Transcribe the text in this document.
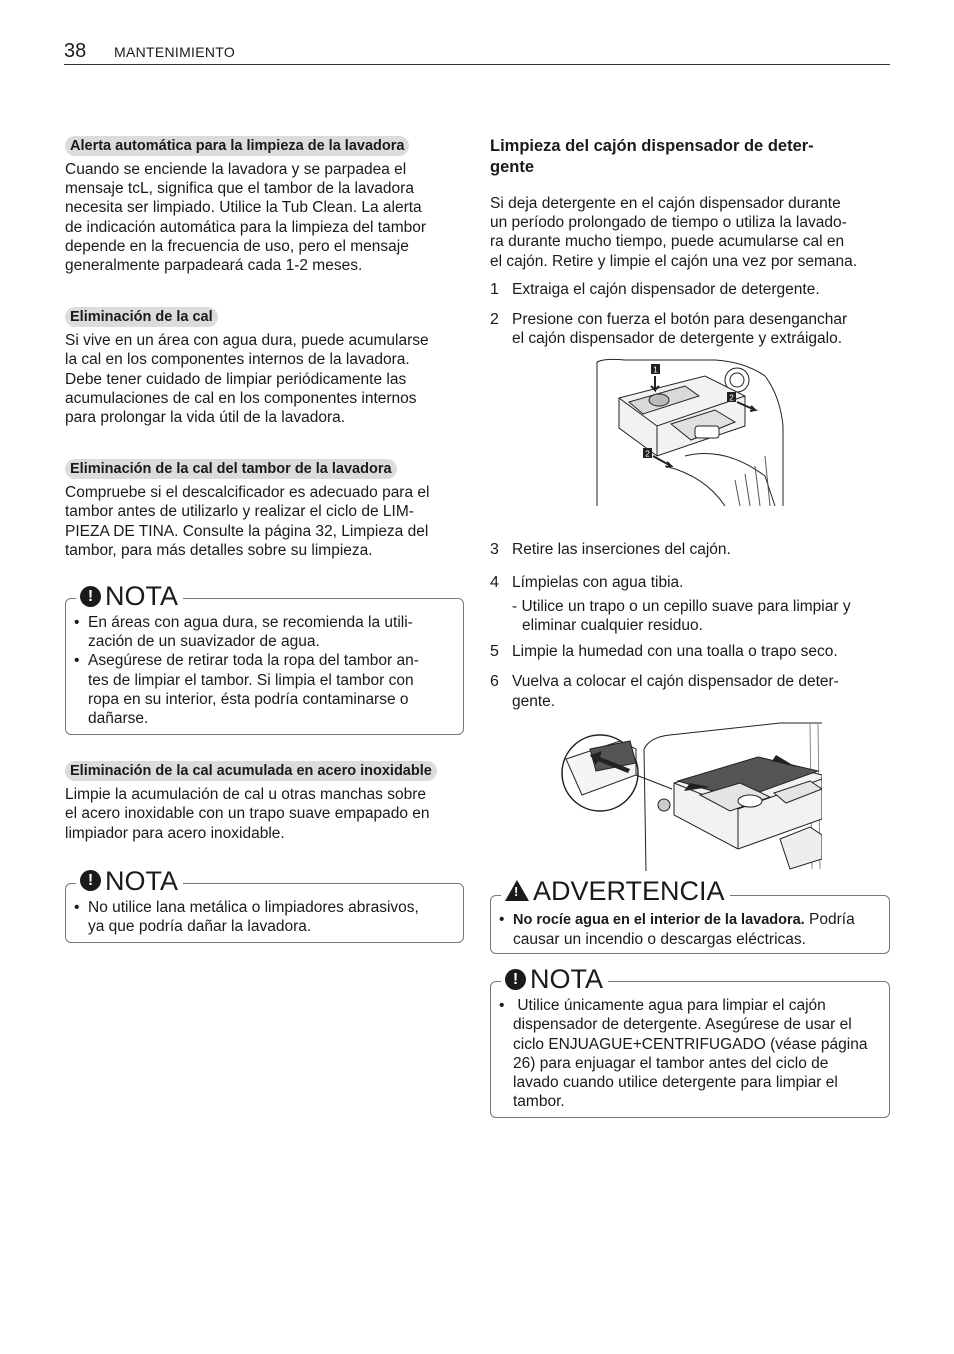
38 MANTENIMIENTO
Alerta automática para la limpieza de la lavadora
Cuando se enciende la lavadora y se parpadea el
mensaje tcL, significa que el tambor de la lavadora
necesita ser limpiado. Utilice la Tub Clean. La alerta
de indicación automática para la limpieza del tambor
depende en la frecuencia de uso, pero el mensaje
generalmente parpadeará cada 1-2 meses.
Eliminación de la cal
Si vive en un área con agua dura, puede acumularse
la cal en los componentes internos de la lavadora.
Debe tener cuidado de limpiar periódicamente las
acumulaciones de cal en los componentes internos
para prolongar la vida útil de la lavadora.
Eliminación de la cal del tambor de la lavadora
Compruebe si el descalcificador es adecuado para el
tambor antes de utilizarlo y realizar el ciclo de LIM-
PIEZA DE TINA. Consulte la página 32, Limpieza del
tambor, para más detalles sobre su limpieza.
! NOTA
• En áreas con agua dura, se recomienda la utili-
zación de un suavizador de agua.
• Asegúrese de retirar toda la ropa del tambor an-
tes de limpiar el tambor. Si limpia el tambor con
ropa en su interior, ésta podría contaminarse o
dañarse.
Eliminación de la cal acumulada en acero inoxidable
Limpie la acumulación de cal u otras manchas sobre
el acero inoxidable con un trapo suave empapado en
limpiador para acero inoxidable.
! NOTA
• No utilice lana metálica o limpiadores abrasivos,
ya que podría dañar la lavadora.
Limpieza del cajón dispensador de deter-
gente
Si deja detergente en el cajón dispensador durante
un período prolongado de tiempo o utiliza la lavado-
ra durante mucho tiempo, puede acumularse cal en
el cajón. Retire y limpie el cajón una vez por semana.
1 Extraiga el cajón dispensador de detergente.
2 Presione con fuerza el botón para desenganchar
el cajón dispensador de detergente y extráigalo.
1
2
2
3 Retire las inserciones del cajón.
4 Límpielas con agua tibia.
- Utilice un trapo o un cepillo suave para limpiar y
eliminar cualquier residuo.
5 Limpie la humedad con una toalla o trapo seco.
6 Vuelva a colocar el cajón dispensador de deter-
gente.
! ADVERTENCIA
• No rocíe agua en el interior de la lavadora. Podría
causar un incendio o descargas eléctricas.
! NOTA
• Utilice únicamente agua para limpiar el cajón
dispensador de detergente. Asegúrese de usar el
ciclo ENJUAGUE+CENTRIFUGADO (véase página
26) para enjuagar el tambor antes del ciclo de
lavado cuando utilice detergente para limpiar el
tambor.
